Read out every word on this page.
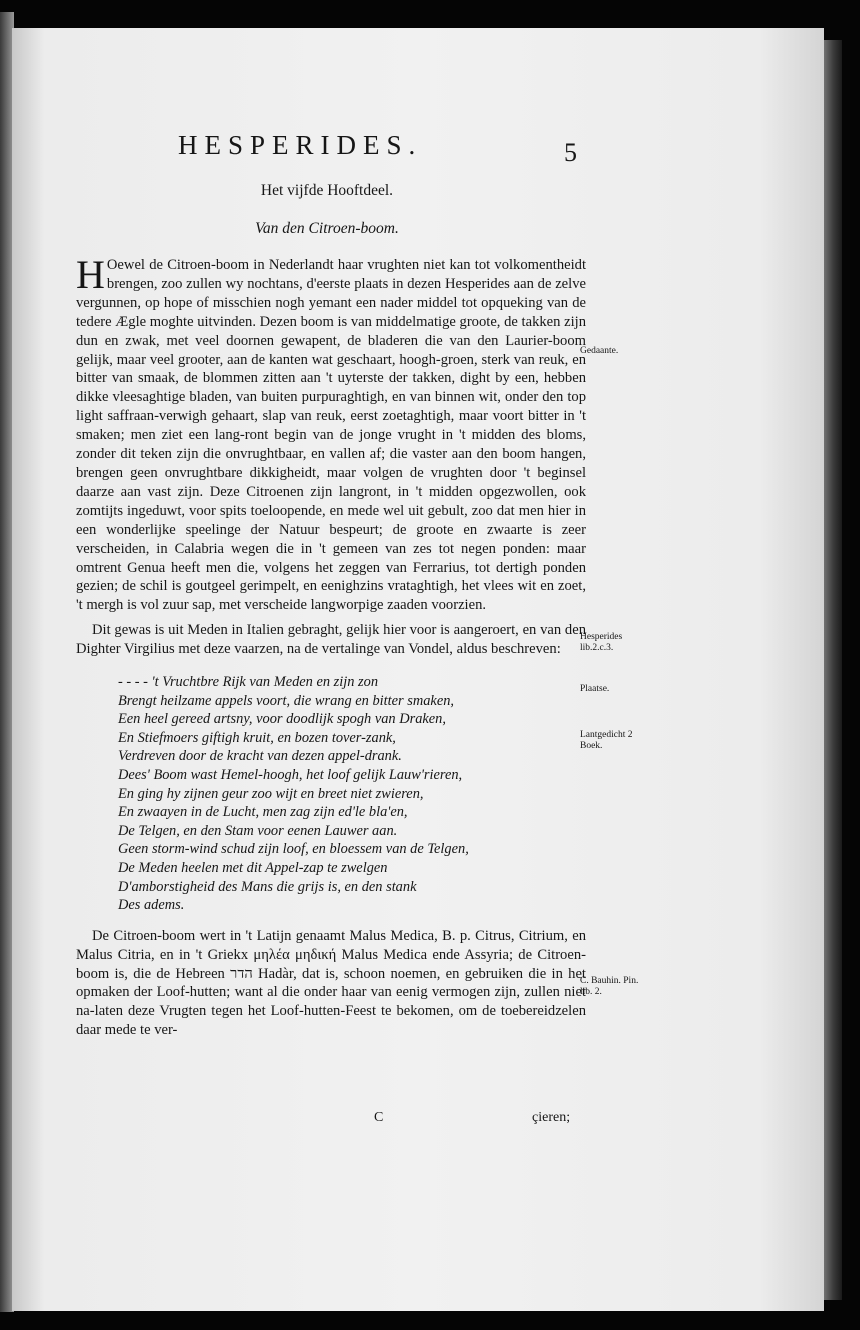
HESPERIDES.	5
Het vijfde Hooftdeel.
Van den Citroen-boom.

H Oewel de Citroen-boom in Nederlandt haar vrughten niet kan tot volkomentheidt brengen, zoo zullen wy nochtans, d'eerste plaats in dezen Hesperides aan de zelve vergunnen, op hope of misschien nogh yemant een nader middel tot opqueking van de tedere Ægle moghte uitvinden. Dezen boom is van middelmatige groote, de takken zijn dun en zwak, met veel doornen gewapent, de bladeren die van den Laurier-boom gelijk, maar veel grooter, aan de kanten wat geschaart, hoogh-groen, sterk van reuk, en bitter van smaak, de blommen zitten aan 't uyterste der takken, dight by een, hebben dikke vleesaghtige bladen, van buiten purpuraghtigh, en van binnen wit, onder den top light saffraan-verwigh gehaart, slap van reuk, eerst zoetaghtigh, maar voort bitter in 't smaken; men ziet een lang-ront begin van de jonge vrught in 't midden des bloms, zonder dit teken zijn die onvrughtbaar, en vallen af; die vaster aan den boom hangen, brengen geen onvrughtbare dikkigheidt, maar volgen de vrughten door 't beginsel daarze aan vast zijn. Deze Citroenen zijn langront, in 't midden opgezwollen, ook zomtijts ingeduwt, voor spits toeloopende, en mede wel uit gebult, zoo dat men hier in een wonderlijke speelinge der Natuur bespeurt; de groote en zwaarte is zeer verscheiden, in Calabria wegen die in 't gemeen van zes tot negen ponden: maar omtrent Genua heeft men die, volgens het zeggen van Ferrarius, tot dertigh ponden gezien; de schil is goutgeel gerimpelt, en eenighzins vrataghtigh, het vlees wit en zoet, 't mergh is vol zuur sap, met verscheide langworpige zaaden voorzien.

Dit gewas is uit Meden in Italien gebraght, gelijk hier voor is aangeroert, en van den Dighter Virgilius met deze vaarzen, na de vertalinge van Vondel, aldus beschreven:

- - - - 't Vruchtbre Rijk van Meden en zijn zon
Brengt heilzame appels voort, die wrang en bitter smaken,
Een heel gereed artsny, voor doodlijk spogh van Draken,
En Stiefmoers giftigh kruit, en bozen tover-zank,
Verdreven door de kracht van dezen appel-drank.
Dees' Boom wast Hemel-hoogh, het loof gelijk Lauw'rieren,
En ging hy zijnen geur zoo wijt en breet niet zwieren,
En zwaayen in de Lucht, men zag zijn ed'le bla'en,
De Telgen, en den Stam voor eenen Lauwer aan.
Geen storm-wind schud zijn loof, en bloessem van de Telgen,
De Meden heelen met dit Appel-zap te zwelgen
D'amborstigheid des Mans die grijs is, en den stank
Des adems.

De Citroen-boom wert in 't Latijn genaamt Malus Medica, B. p. Citrus, Citrium, en Malus Citria, en in 't Griekx μηλέα μηδική Malus Medica ende Assyria; de Citroen-boom is, die de Hebreen הדר Hadàr, dat is, schoon noemen, en gebruiken die in het opmaken der Loof-hutten; want al die onder haar van eenig vermogen zijn, zullen niet na-laten deze Vrugten tegen het Loof-hutten-Feest te bekomen, om de toebereidzelen daar mede te ver-

Gedaante.
Hesperides lib.2.c.3.
Plaatse.
Lantgedicht 2 Boek.
C. Bauhin. Pin. lib. 2.
C	çieren;
